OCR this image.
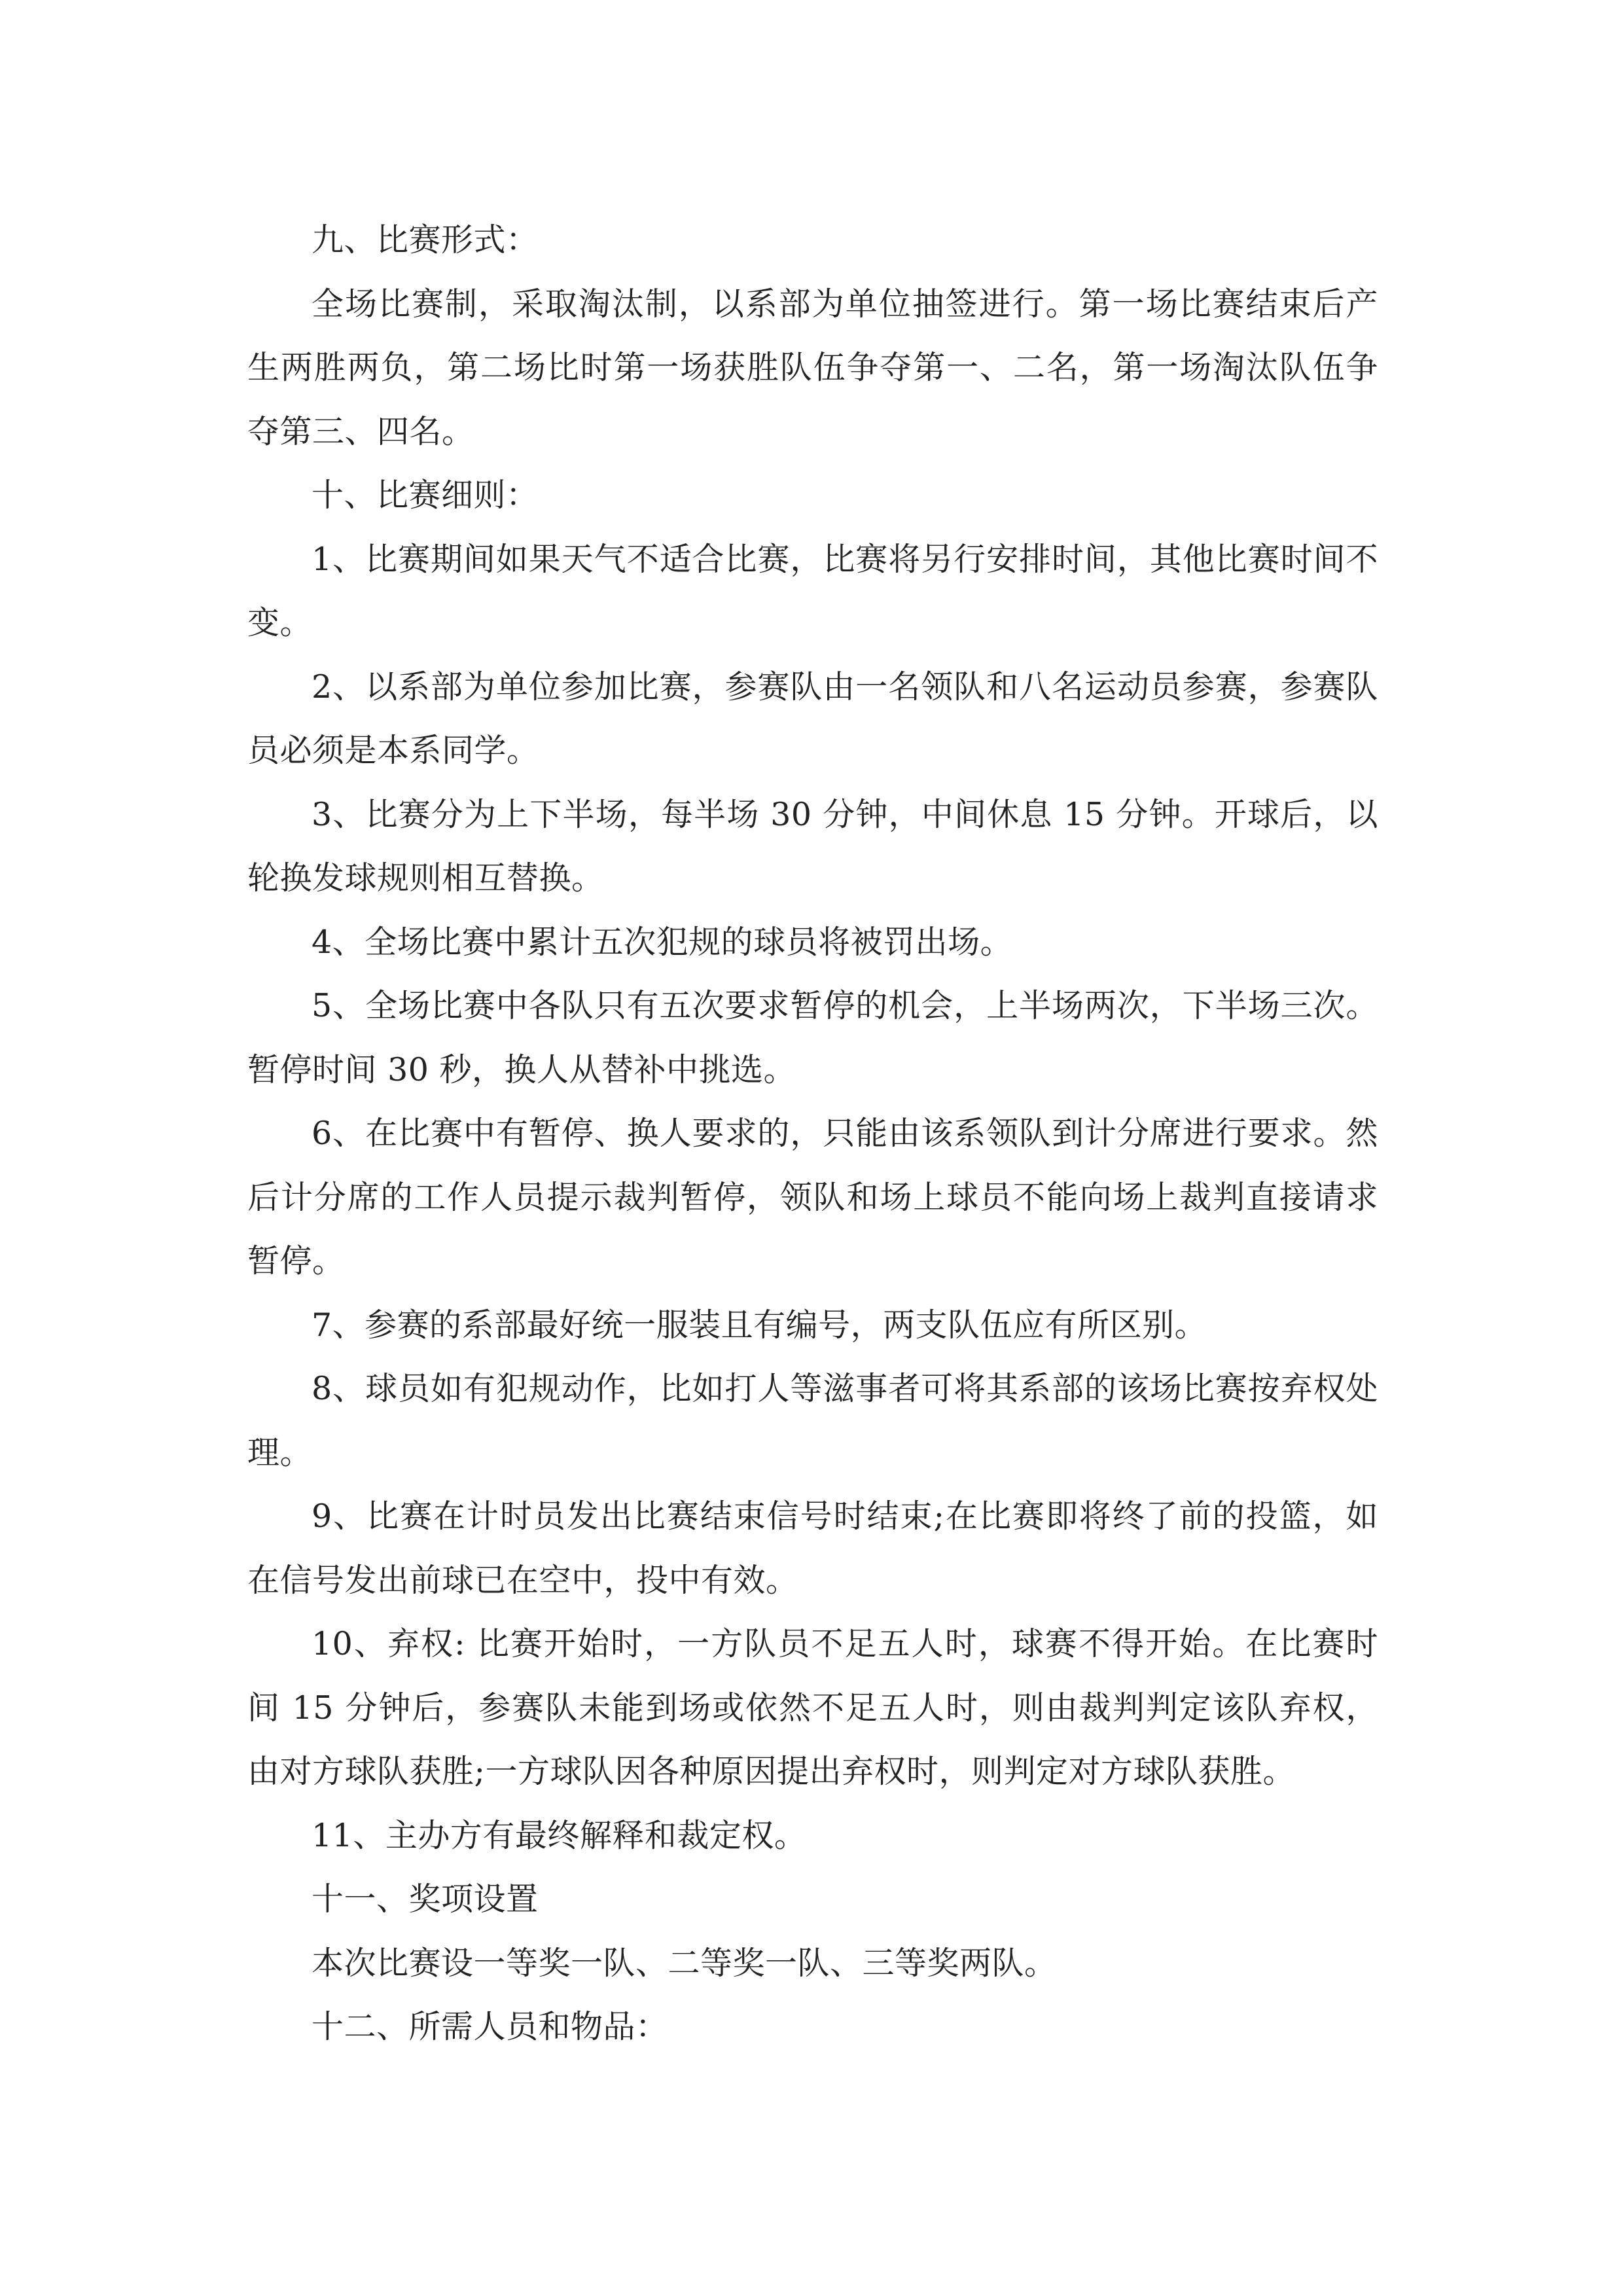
九、比赛形式：

全场比赛制，采取淘汰制，以系部为单位抽签进行。第一场比赛结束后产生两胜两负，第二场比时第一场获胜队伍争夺第一、二名，第一场淘汰队伍争夺第三、四名。

十、比赛细则：

1、比赛期间如果天气不适合比赛，比赛将另行安排时间，其他比赛时间不变。

2、以系部为单位参加比赛，参赛队由一名领队和八名运动员参赛，参赛队员必须是本系同学。

3、比赛分为上下半场，每半场 30 分钟，中间休息 15 分钟。开球后，以轮换发球规则相互替换。

4、全场比赛中累计五次犯规的球员将被罚出场。

5、全场比赛中各队只有五次要求暂停的机会，上半场两次，下半场三次。暂停时间 30 秒，换人从替补中挑选。

6、在比赛中有暂停、换人要求的，只能由该系领队到计分席进行要求。然后计分席的工作人员提示裁判暂停，领队和场上球员不能向场上裁判直接请求暂停。

7、参赛的系部最好统一服装且有编号，两支队伍应有所区别。

8、球员如有犯规动作，比如打人等滋事者可将其系部的该场比赛按弃权处理。

9、比赛在计时员发出比赛结束信号时结束;在比赛即将终了前的投篮，如在信号发出前球已在空中，投中有效。

10、弃权: 比赛开始时，一方队员不足五人时，球赛不得开始。在比赛时间 15 分钟后，参赛队未能到场或依然不足五人时，则由裁判判定该队弃权，由对方球队获胜;一方球队因各种原因提出弃权时，则判定对方球队获胜。

11、主办方有最终解释和裁定权。

十一、奖项设置

本次比赛设一等奖一队、二等奖一队、三等奖两队。

十二、所需人员和物品：
